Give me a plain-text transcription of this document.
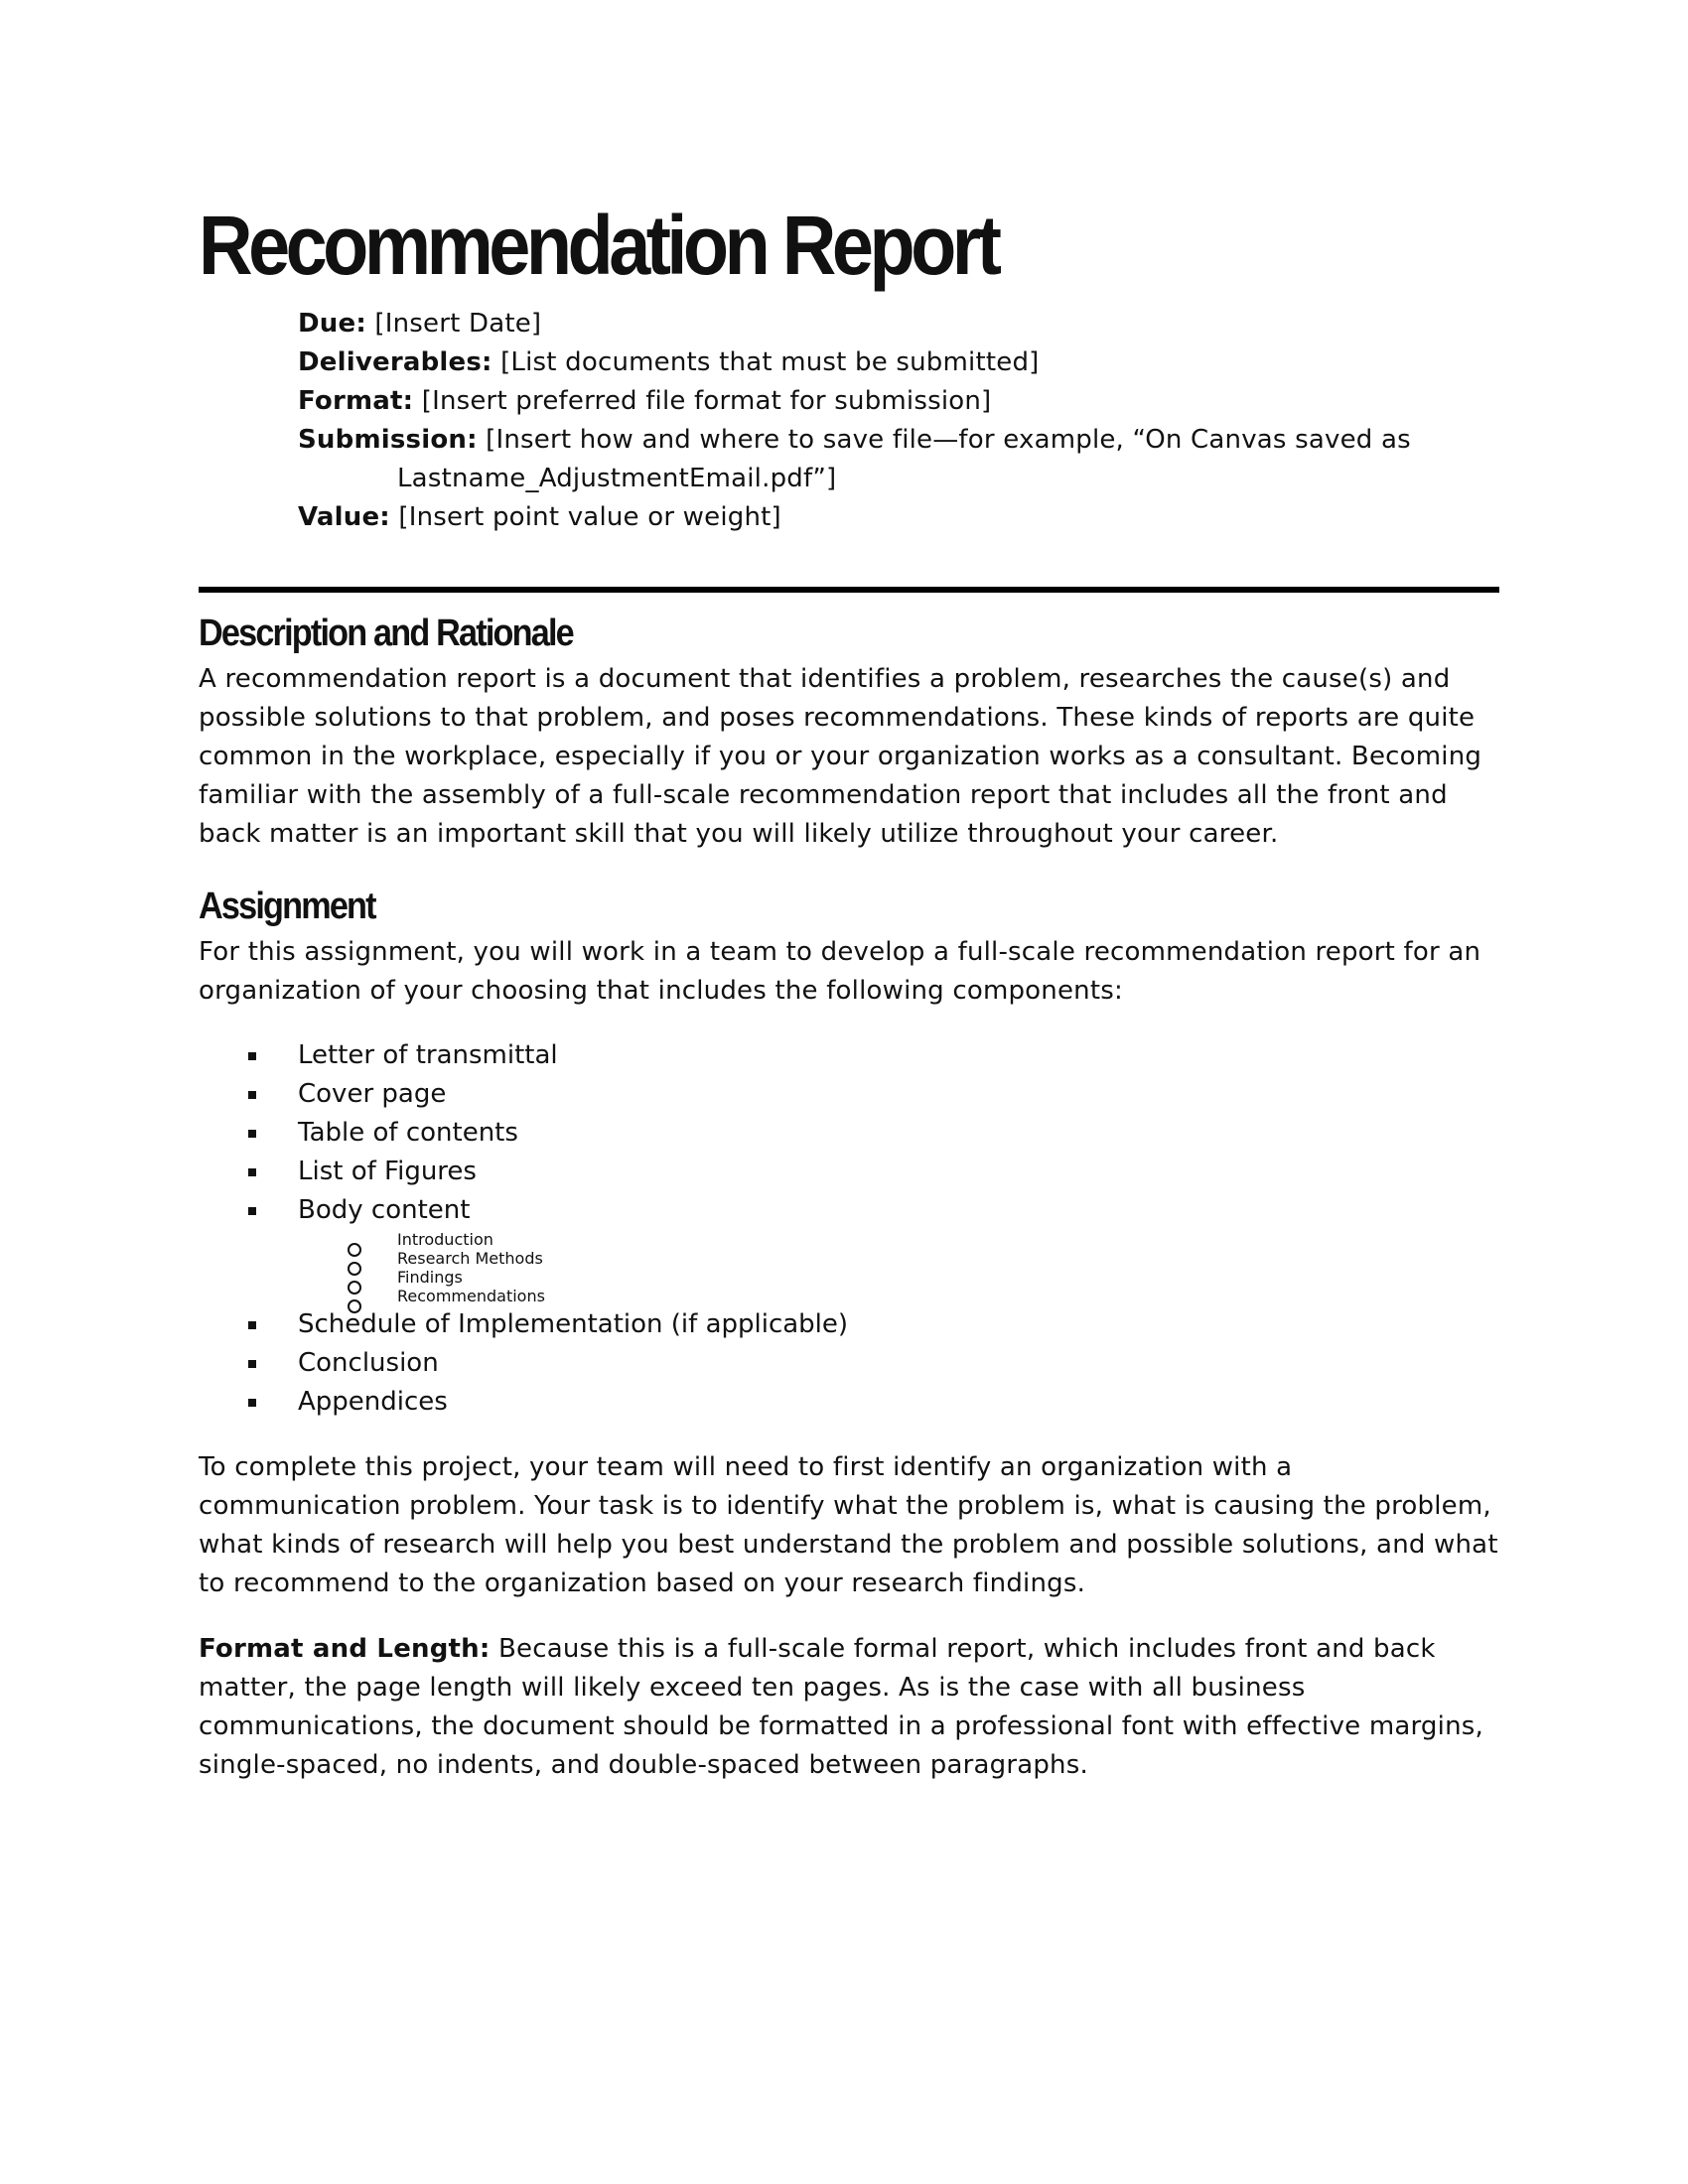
Recommendation Report
Due: [Insert Date]
Deliverables: [List documents that must be submitted]
Format: [Insert preferred file format for submission]
Submission: [Insert how and where to save file—for example, “On Canvas saved as
Lastname_AdjustmentEmail.pdf”]
Value: [Insert point value or weight]
Description and Rationale

A recommendation report is a document that identifies a problem, researches the cause(s) and possible solutions to that problem, and poses recommendations. These kinds of reports are quite common in the workplace, especially if you or your organization works as a consultant. Becoming familiar with the assembly of a full-scale recommendation report that includes all the front and back matter is an important skill that you will likely utilize throughout your career.

Assignment

For this assignment, you will work in a team to develop a full-scale recommendation report for an organization of your choosing that includes the following components:

Letter of transmittal
Cover page
Table of contents
List of Figures
Body content
Introduction
Research Methods
Findings
Recommendations
Schedule of Implementation (if applicable)
Conclusion
Appendices

To complete this project, your team will need to first identify an organization with a communication problem. Your task is to identify what the problem is, what is causing the problem, what kinds of research will help you best understand the problem and possible solutions, and what to recommend to the organization based on your research findings.

Format and Length: Because this is a full-scale formal report, which includes front and back matter, the page length will likely exceed ten pages. As is the case with all business communications, the document should be formatted in a professional font with effective margins, single-spaced, no indents, and double-spaced between paragraphs.
